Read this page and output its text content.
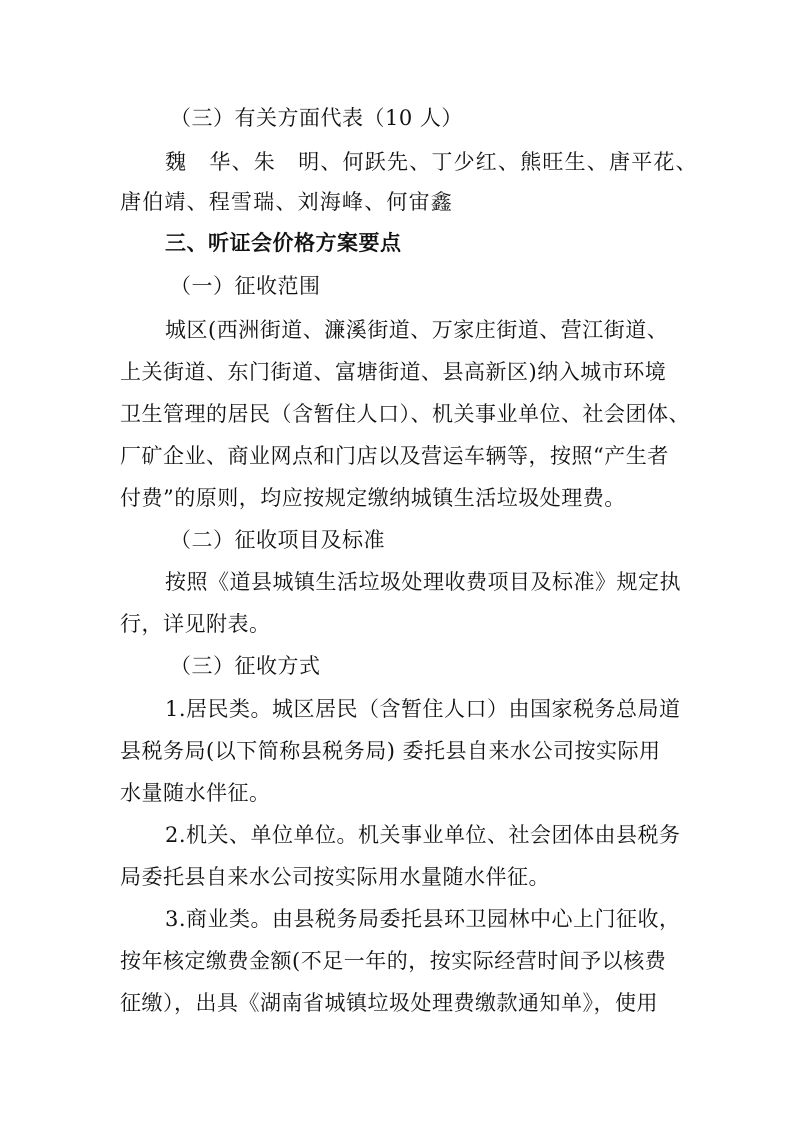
（三）有关方面代表（10 人）
魏　华、朱　明、何跃先、丁少红、熊旺生、唐平花、
唐伯靖、程雪瑞、刘海峰、何宙鑫
三、听证会价格方案要点
（一）征收范围
城区(西洲街道、濂溪街道、万家庄街道、营江街道、
上关街道、东门街道、富塘街道、县高新区)纳入城市环境
卫生管理的居民（含暂住人口）、机关事业单位、社会团体、
厂矿企业、商业网点和门店以及营运车辆等，按照“产生者
付费”的原则，均应按规定缴纳城镇生活垃圾处理费。
（二）征收项目及标准
按照《道县城镇生活垃圾处理收费项目及标准》规定执
行，详见附表。
（三）征收方式
1.居民类。城区居民（含暂住人口）由国家税务总局道
县税务局(以下简称县税务局) 委托县自来水公司按实际用
水量随水伴征。
2.机关、单位单位。机关事业单位、社会团体由县税务
局委托县自来水公司按实际用水量随水伴征。
3.商业类。由县税务局委托县环卫园林中心上门征收，
按年核定缴费金额(不足一年的，按实际经营时间予以核费
征缴），出具《湖南省城镇垃圾处理费缴款通知单》，使用
